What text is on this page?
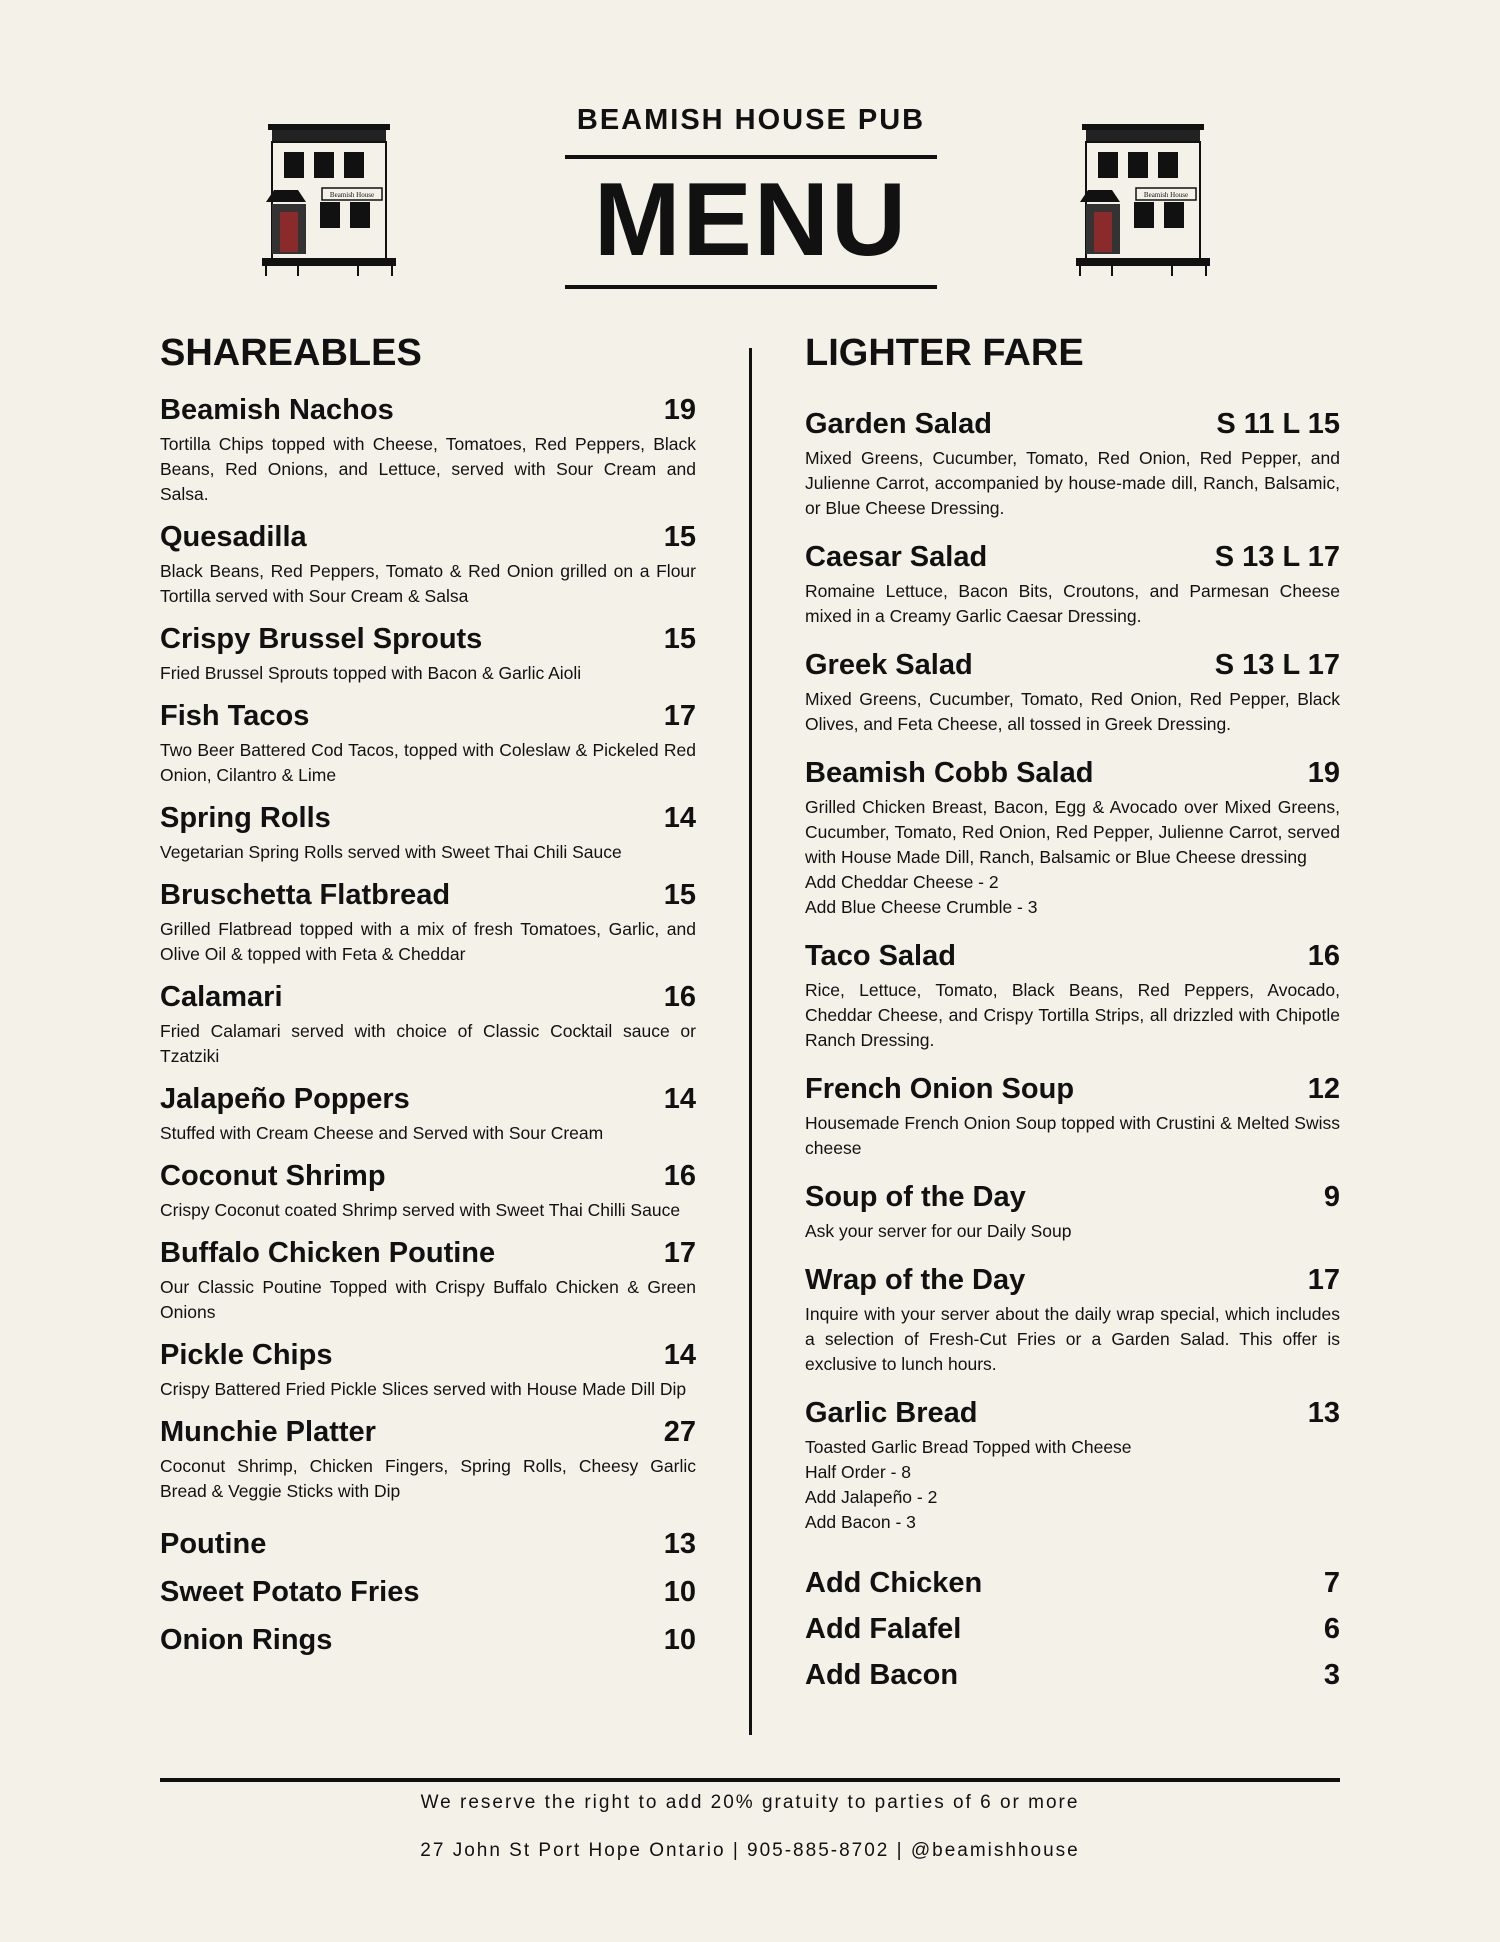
BEAMISH HOUSE PUB
MENU
Beamish House	Beamish House
SHAREABLES
Beamish Nachos	19
Tortilla Chips topped with Cheese, Tomatoes, Red Peppers, Black Beans, Red Onions, and Lettuce, served with Sour Cream and Salsa.
Quesadilla	15
Black Beans, Red Peppers, Tomato & Red Onion grilled on a Flour Tortilla served with Sour Cream & Salsa
Crispy Brussel Sprouts	15
Fried Brussel Sprouts topped with Bacon & Garlic Aioli
Fish Tacos	17
Two Beer Battered Cod Tacos, topped with Coleslaw & Pickeled Red Onion, Cilantro & Lime
Spring Rolls	14
Vegetarian Spring Rolls served with Sweet Thai Chili Sauce
Bruschetta Flatbread	15
Grilled Flatbread topped with a mix of fresh Tomatoes, Garlic, and Olive Oil & topped with Feta & Cheddar
Calamari	16
Fried Calamari served with choice of Classic Cocktail sauce or Tzatziki
Jalapeño Poppers	14
Stuffed with Cream Cheese and Served with Sour Cream
Coconut Shrimp	16
Crispy Coconut coated Shrimp served with Sweet Thai Chilli Sauce
Buffalo Chicken Poutine	17
Our Classic Poutine Topped with Crispy Buffalo Chicken & Green Onions
Pickle Chips	14
Crispy Battered Fried Pickle Slices served with House Made Dill Dip
Munchie Platter	27
Coconut Shrimp, Chicken Fingers, Spring Rolls, Cheesy Garlic Bread & Veggie Sticks with Dip
Poutine	13
Sweet Potato Fries	10
Onion Rings	10
LIGHTER FARE
Garden Salad	S 11 L 15
Mixed Greens, Cucumber, Tomato, Red Onion, Red Pepper, and Julienne Carrot, accompanied by house-made dill, Ranch, Balsamic, or Blue Cheese Dressing.
Caesar Salad	S 13 L 17
Romaine Lettuce, Bacon Bits, Croutons, and Parmesan Cheese mixed in a Creamy Garlic Caesar Dressing.
Greek Salad	S 13 L 17
Mixed Greens, Cucumber, Tomato, Red Onion, Red Pepper, Black Olives, and Feta Cheese, all tossed in Greek Dressing.
Beamish Cobb Salad	19
Grilled Chicken Breast, Bacon, Egg & Avocado over Mixed Greens, Cucumber, Tomato, Red Onion, Red Pepper, Julienne Carrot, served with House Made Dill, Ranch, Balsamic or Blue Cheese dressing
Add Cheddar Cheese - 2
Add Blue Cheese Crumble - 3
Taco Salad	16
Rice, Lettuce, Tomato, Black Beans, Red Peppers, Avocado, Cheddar Cheese, and Crispy Tortilla Strips, all drizzled with Chipotle Ranch Dressing.
French Onion Soup	12
Housemade French Onion Soup topped with Crustini & Melted Swiss cheese
Soup of the Day	9
Ask your server for our Daily Soup
Wrap of the Day	17
Inquire with your server about the daily wrap special, which includes a selection of Fresh-Cut Fries or a Garden Salad. This offer is exclusive to lunch hours.
Garlic Bread	13
Toasted Garlic Bread Topped with Cheese
Half Order - 8
Add Jalapeño - 2
Add Bacon - 3
Add Chicken	7
Add Falafel	6
Add Bacon	3
We reserve the right to add 20% gratuity to parties of 6 or more
27 John St Port Hope Ontario | 905-885-8702 | @beamishhouse
